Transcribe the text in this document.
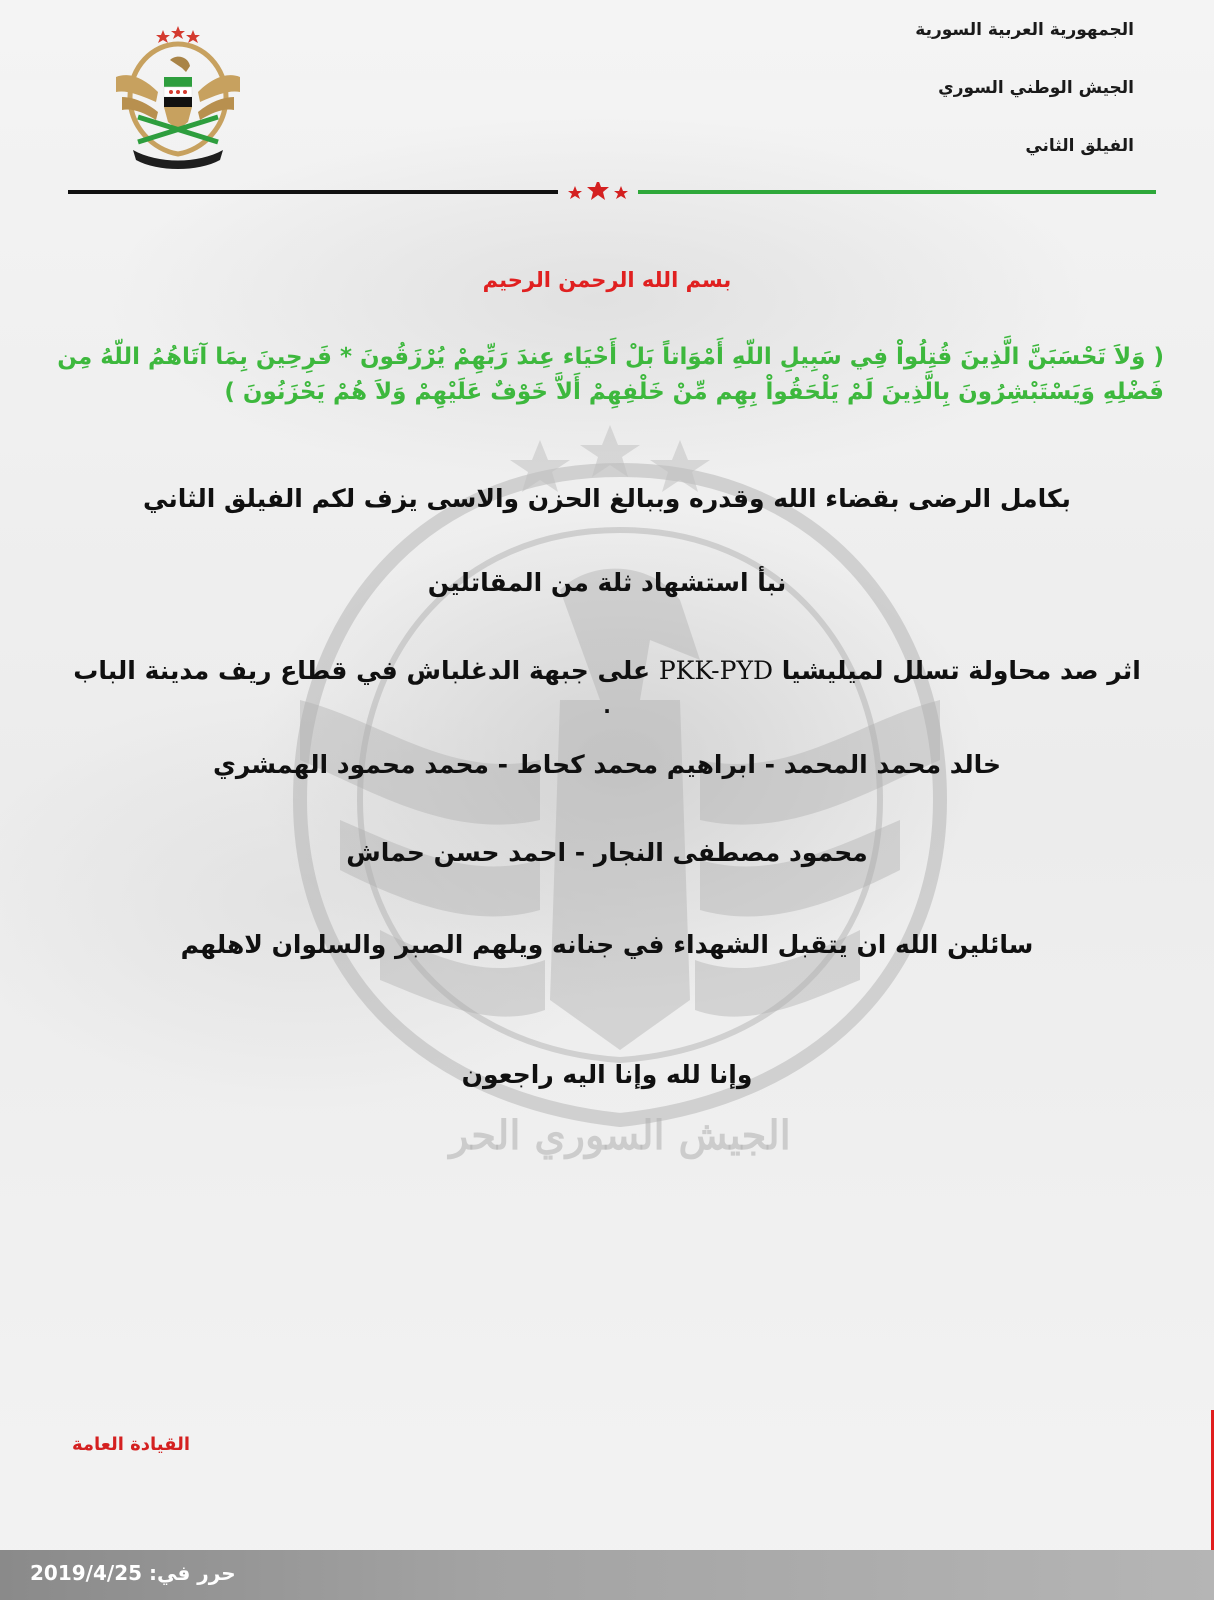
الجيش السوري الحر
الجمهورية العربية السورية
الجيش الوطني السوري
الفيلق الثاني
بسم الله الرحمن الرحيم
( وَلاَ تَحْسَبَنَّ الَّذِينَ قُتِلُواْ فِي سَبِيلِ اللّهِ أَمْوَاتاً بَلْ أَحْيَاء عِندَ رَبِّهِمْ يُرْزَقُونَ * فَرِحِينَ بِمَا آتَاهُمُ اللّهُ مِن فَضْلِهِ وَيَسْتَبْشِرُونَ بِالَّذِينَ لَمْ يَلْحَقُواْ بِهِم مِّنْ خَلْفِهِمْ أَلاَّ خَوْفٌ عَلَيْهِمْ وَلاَ هُمْ يَحْزَنُونَ )
بكامل الرضى بقضاء الله وقدره وببالغ الحزن والاسى يزف لكم الفيلق الثاني
نبأ استشهاد ثلة من المقاتلين
اثر صد محاولة تسلل لميليشيا PKK-PYD على جبهة الدغلباش في قطاع ريف مدينة الباب
.
خالد محمد المحمد - ابراهيم محمد كحاط - محمد محمود الهمشري
محمود مصطفى النجار - احمد حسن حماش
سائلين الله ان يتقبل الشهداء في جنانه ويلهم الصبر والسلوان لاهلهم
وإنا لله وإنا اليه راجعون
القيادة العامة
حرر في: 2019/4/25
